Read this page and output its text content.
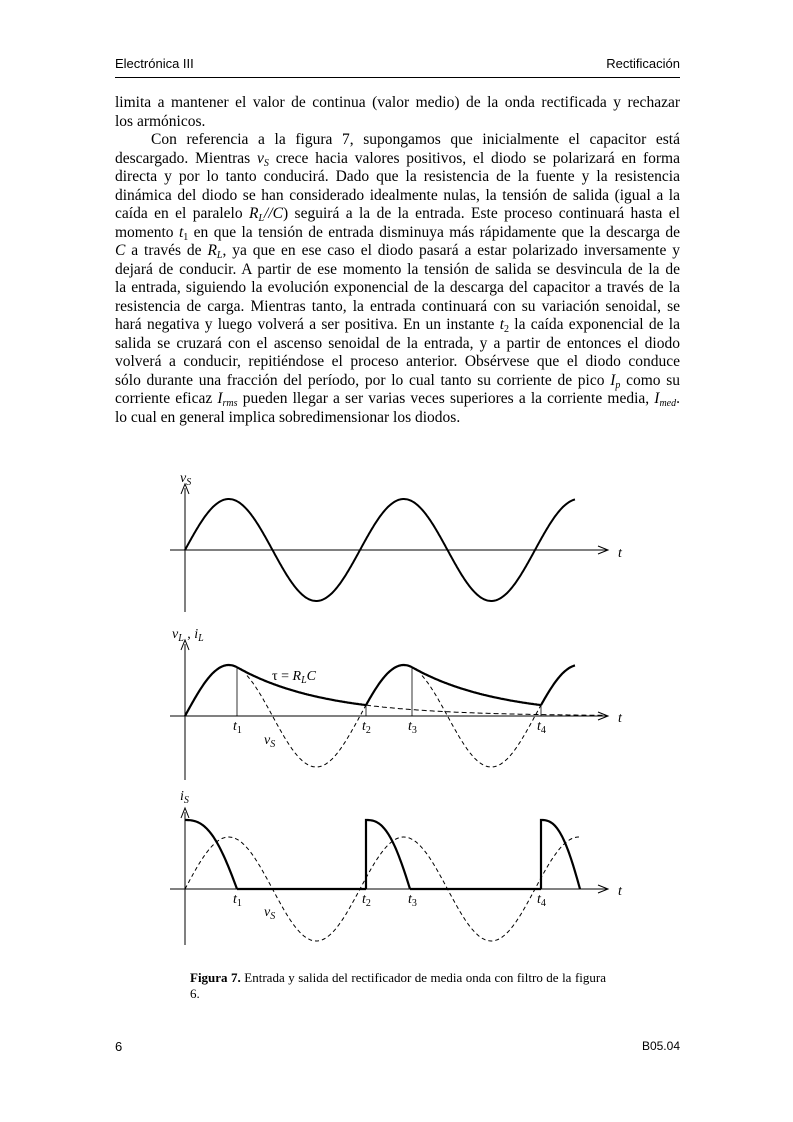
Electrónica III	Rectificación
limita a mantener el valor de continua (valor medio) de la onda rectificada y rechazar
los armónicos.
Con referencia a la figura 7, supongamos que inicialmente el capacitor está
descargado. Mientras $v_S$ crece hacia valores positivos, el diodo se polarizará en forma
directa y por lo tanto conducirá. Dado que la resistencia de la fuente y la resistencia
dinámica del diodo se han considerado idealmente nulas, la tensión de salida (igual a la
caída en el paralelo $R_L//C$) seguirá a la de la entrada. Este proceso continuará hasta el
momento $t_1$ en que la tensión de entrada disminuya más rápidamente que la descarga de
C a través de $R_L$, ya que en ese caso el diodo pasará a estar polarizado inversamente y
dejará de conducir. A partir de ese momento la tensión de salida se desvincula de la de
la entrada, siguiendo la evolución exponencial de la descarga del capacitor a través de la
resistencia de carga. Mientras tanto, la entrada continuará con su variación senoidal, se
hará negativa y luego volverá a ser positiva. En un instante $t_2$ la caída exponencial de la
salida se cruzará con el ascenso senoidal de la entrada, y a partir de entonces el diodo
volverá a conducir, repitiéndose el proceso anterior. Obsérvese que el diodo conduce
sólo durante una fracción del período, por lo cual tanto su corriente de pico $I_p$ como su
corriente eficaz $I_{rms}$ pueden llegar a ser varias veces superiores a la corriente media, $I_{med}$.
lo cual en general implica sobredimensionar los diodos.
$v_S$
t
$t_1$	$t_2$	$t_3$	$t_4$
$v_L$ , $i_L$
$\tau = R_LC$
$v_S$
t
$t_1$	$t_2$	$t_3$	$t_4$
$i_S$
$v_S$
t
Figura 7. Entrada y salida del rectificador de media onda con filtro de la figura 6.
6	B05.04
